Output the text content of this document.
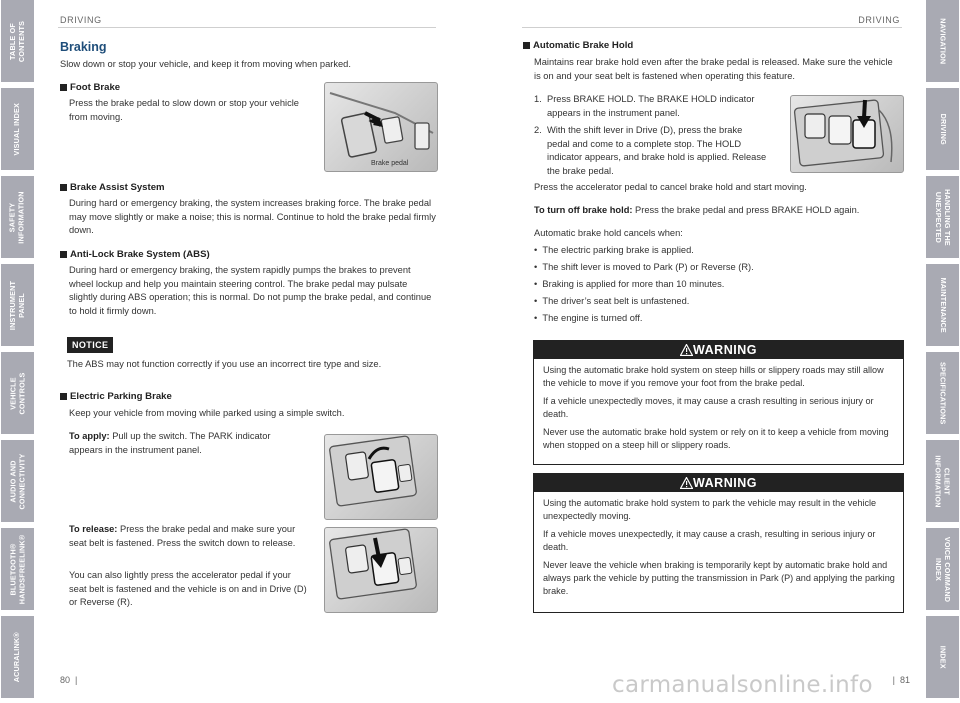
TABLE OF
CONTENTS
VISUAL INDEX
SAFETY
INFORMATION
INSTRUMENT
PANEL
VEHICLE
CONTROLS
AUDIO AND
CONNECTIVITY
BLUETOOTH®
HANDSFREELINK®
ACURALINK®
NAVIGATION
DRIVING
HANDLING THE
UNEXPECTED
MAINTENANCE
SPECIFICATIONS
CLIENT
INFORMATION
VOICE COMMAND
INDEX
INDEX
DRIVING	DRIVING
Braking
Slow down or stop your vehicle, and keep it from moving when parked.
Foot Brake
Press the brake pedal to slow down or stop your vehicle from moving.
Brake pedal
Brake Assist System
During hard or emergency braking, the system increases braking force. The brake pedal may move slightly or make a noise; this is normal. Continue to hold the brake pedal firmly down.
Anti-Lock Brake System (ABS)
During hard or emergency braking, the system rapidly pumps the brakes to prevent wheel lockup and help you maintain steering control. The brake pedal may pulsate slightly during ABS operation; this is normal. Do not pump the brake pedal, and continue to hold it firmly down.
NOTICE
The ABS may not function correctly if you use an incorrect tire type and size.
Electric Parking Brake
Keep your vehicle from moving while parked using a simple switch.
To apply: Pull up the switch. The PARK indicator appears in the instrument panel.
To release: Press the brake pedal and make sure your seat belt is fastened. Press the switch down to release.
You can also lightly press the accelerator pedal if your seat belt is fastened and the vehicle is on and in Drive (D) or Reverse (R).
Automatic Brake Hold
Maintains rear brake hold even after the brake pedal is released. Make sure the vehicle is on and your seat belt is fastened when operating this feature.
1. Press BRAKE HOLD. The BRAKE HOLD indicator appears in the instrument panel.
2. With the shift lever in Drive (D), press the brake pedal and come to a complete stop. The HOLD indicator appears, and brake hold is applied. Release the brake pedal.
Press the accelerator pedal to cancel brake hold and start moving.
To turn off brake hold: Press the brake pedal and press BRAKE HOLD again.
Automatic brake hold cancels when:
•  The electric parking brake is applied.
•  The shift lever is moved to Park (P) or Reverse (R).
•  Braking is applied for more than 10 minutes.
•  The driver’s seat belt is unfastened.
•  The engine is turned off.
WARNING

Using the automatic brake hold system on steep hills or slippery roads may still allow the vehicle to move if you remove your foot from the brake pedal.

If a vehicle unexpectedly moves, it may cause a crash resulting in serious injury or death.

Never use the automatic brake hold system or rely on it to keep a vehicle from moving when stopped on a steep hill or slippery roads.

WARNING

Using the automatic brake hold system to park the vehicle may result in the vehicle unexpectedly moving.

If a vehicle moves unexpectedly, it may cause a crash, resulting in serious injury or death.

Never leave the vehicle when braking is temporarily kept by automatic brake hold and always park the vehicle by putting the transmission in Park (P) and applying the parking brake.

80  |	|  81
carmanualsonline.info
